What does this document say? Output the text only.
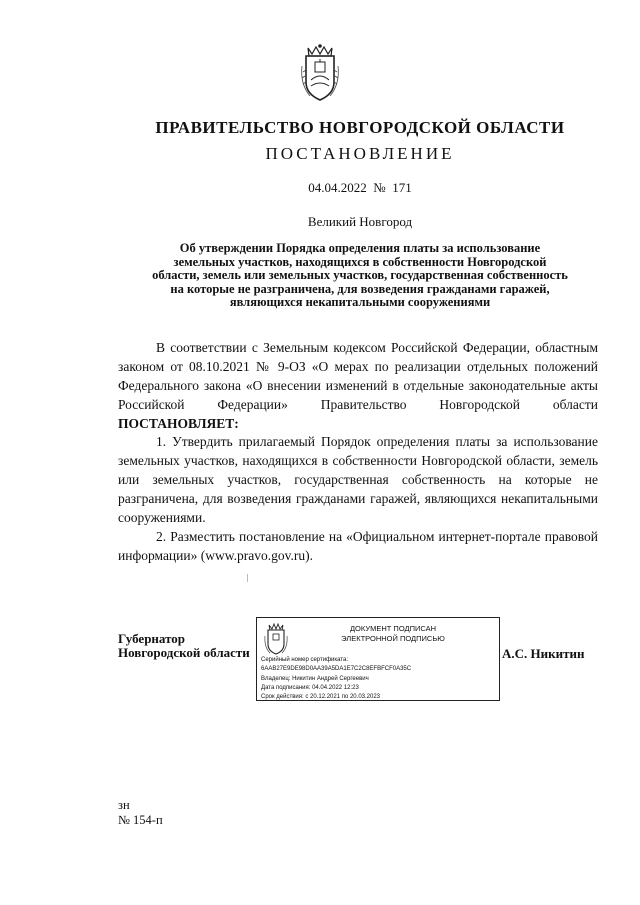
ПРАВИТЕЛЬСТВО НОВГОРОДСКОЙ ОБЛАСТИ
ПОСТАНОВЛЕНИЕ
04.04.2022 № 171
Великий Новгород
Об утверждении Порядка определения платы за использование
земельных участков, находящихся в собственности Новгородской
области, земель или земельных участков, государственная собственность
на которые не разграничена, для возведения гражданами гаражей,
являющихся некапитальными сооружениями
В соответствии с Земельным кодексом Российской Федерации, областным законом от 08.10.2021 № 9-ОЗ «О мерах по реализации отдельных положений Федерального закона «О внесении изменений в отдельные законодательные акты Российской Федерации» Правительство Новгородской области ПОСТАНОВЛЯЕТ:
1. Утвердить прилагаемый Порядок определения платы за использование земельных участков, находящихся в собственности Новгородской области, земель или земельных участков, государственная собственность на которые не разграничена, для возведения гражданами гаражей, являющихся некапитальными сооружениями.
2. Разместить постановление на «Официальном интернет-портале правовой информации» (www.pravo.gov.ru).
Губернатор
Новгородской области
ДОКУМЕНТ ПОДПИСАН
ЭЛЕКТРОННОЙ ПОДПИСЬЮ
Серийный номер сертификата:
6AAB27E9DE98D0AA39A5DA1E7C2C8EFBFCF0A35C
Владелец: Никитин Андрей Сергеевич
Дата подписания: 04.04.2022 12:23
Срок действия: с 20.12.2021 по 20.03.2023
А.С. Никитин
зн
№ 154-п
